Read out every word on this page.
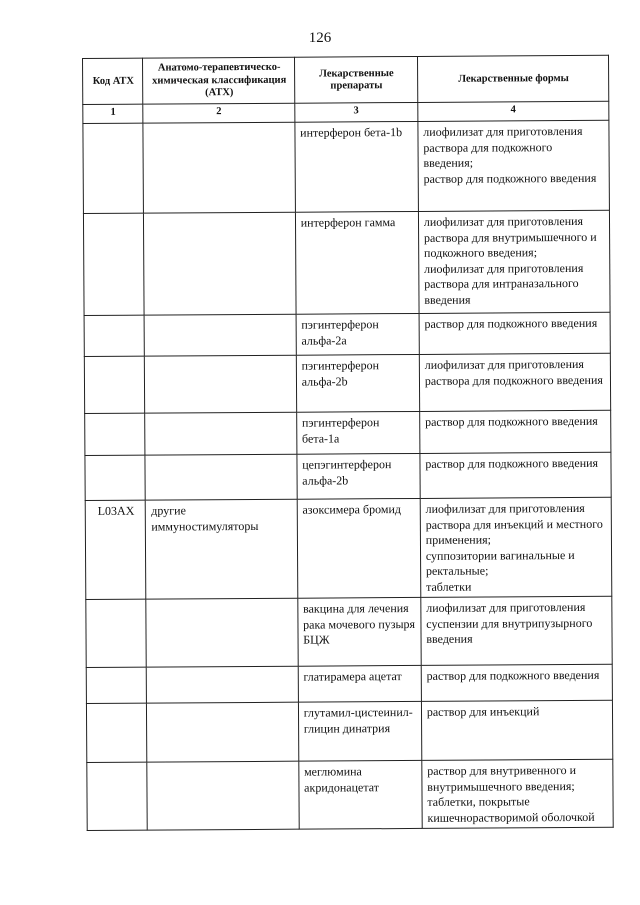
126
Код АТХ	Анатомо-терапевтическо-химическая классификация (АТХ)	Лекарственные препараты	Лекарственные формы
1	2	3	4
		интерферон бета-1b	лиофилизат для приготовления раствора для подкожного введения;
раствор для подкожного введения

		интерферон гамма	лиофилизат для приготовления раствора для внутримышечного и подкожного введения;
лиофилизат для приготовления раствора для интраназального введения

		пэгинтерферон альфа-2а	раствор для подкожного введения

		пэгинтерферон альфа-2b	лиофилизат для приготовления раствора для подкожного введения

		пэгинтерферон бета-1а	раствор для подкожного введения

		цепэгинтерферон альфа-2b	раствор для подкожного введения

L03AX	другие иммуностимуляторы	азоксимера бромид	лиофилизат для приготовления раствора для инъекций и местного применения;
суппозитории вагинальные и ректальные;
таблетки

		вакцина для лечения рака мочевого пузыря БЦЖ	лиофилизат для приготовления суспензии для внутрипузырного введения

		глатирамера ацетат	раствор для подкожного введения

		глутамил-цистеинил-глицин динатрия	раствор для инъекций

		меглюмина акридонацетат	раствор для внутривенного и внутримышечного введения;
таблетки, покрытые кишечнорастворимой оболочкой
